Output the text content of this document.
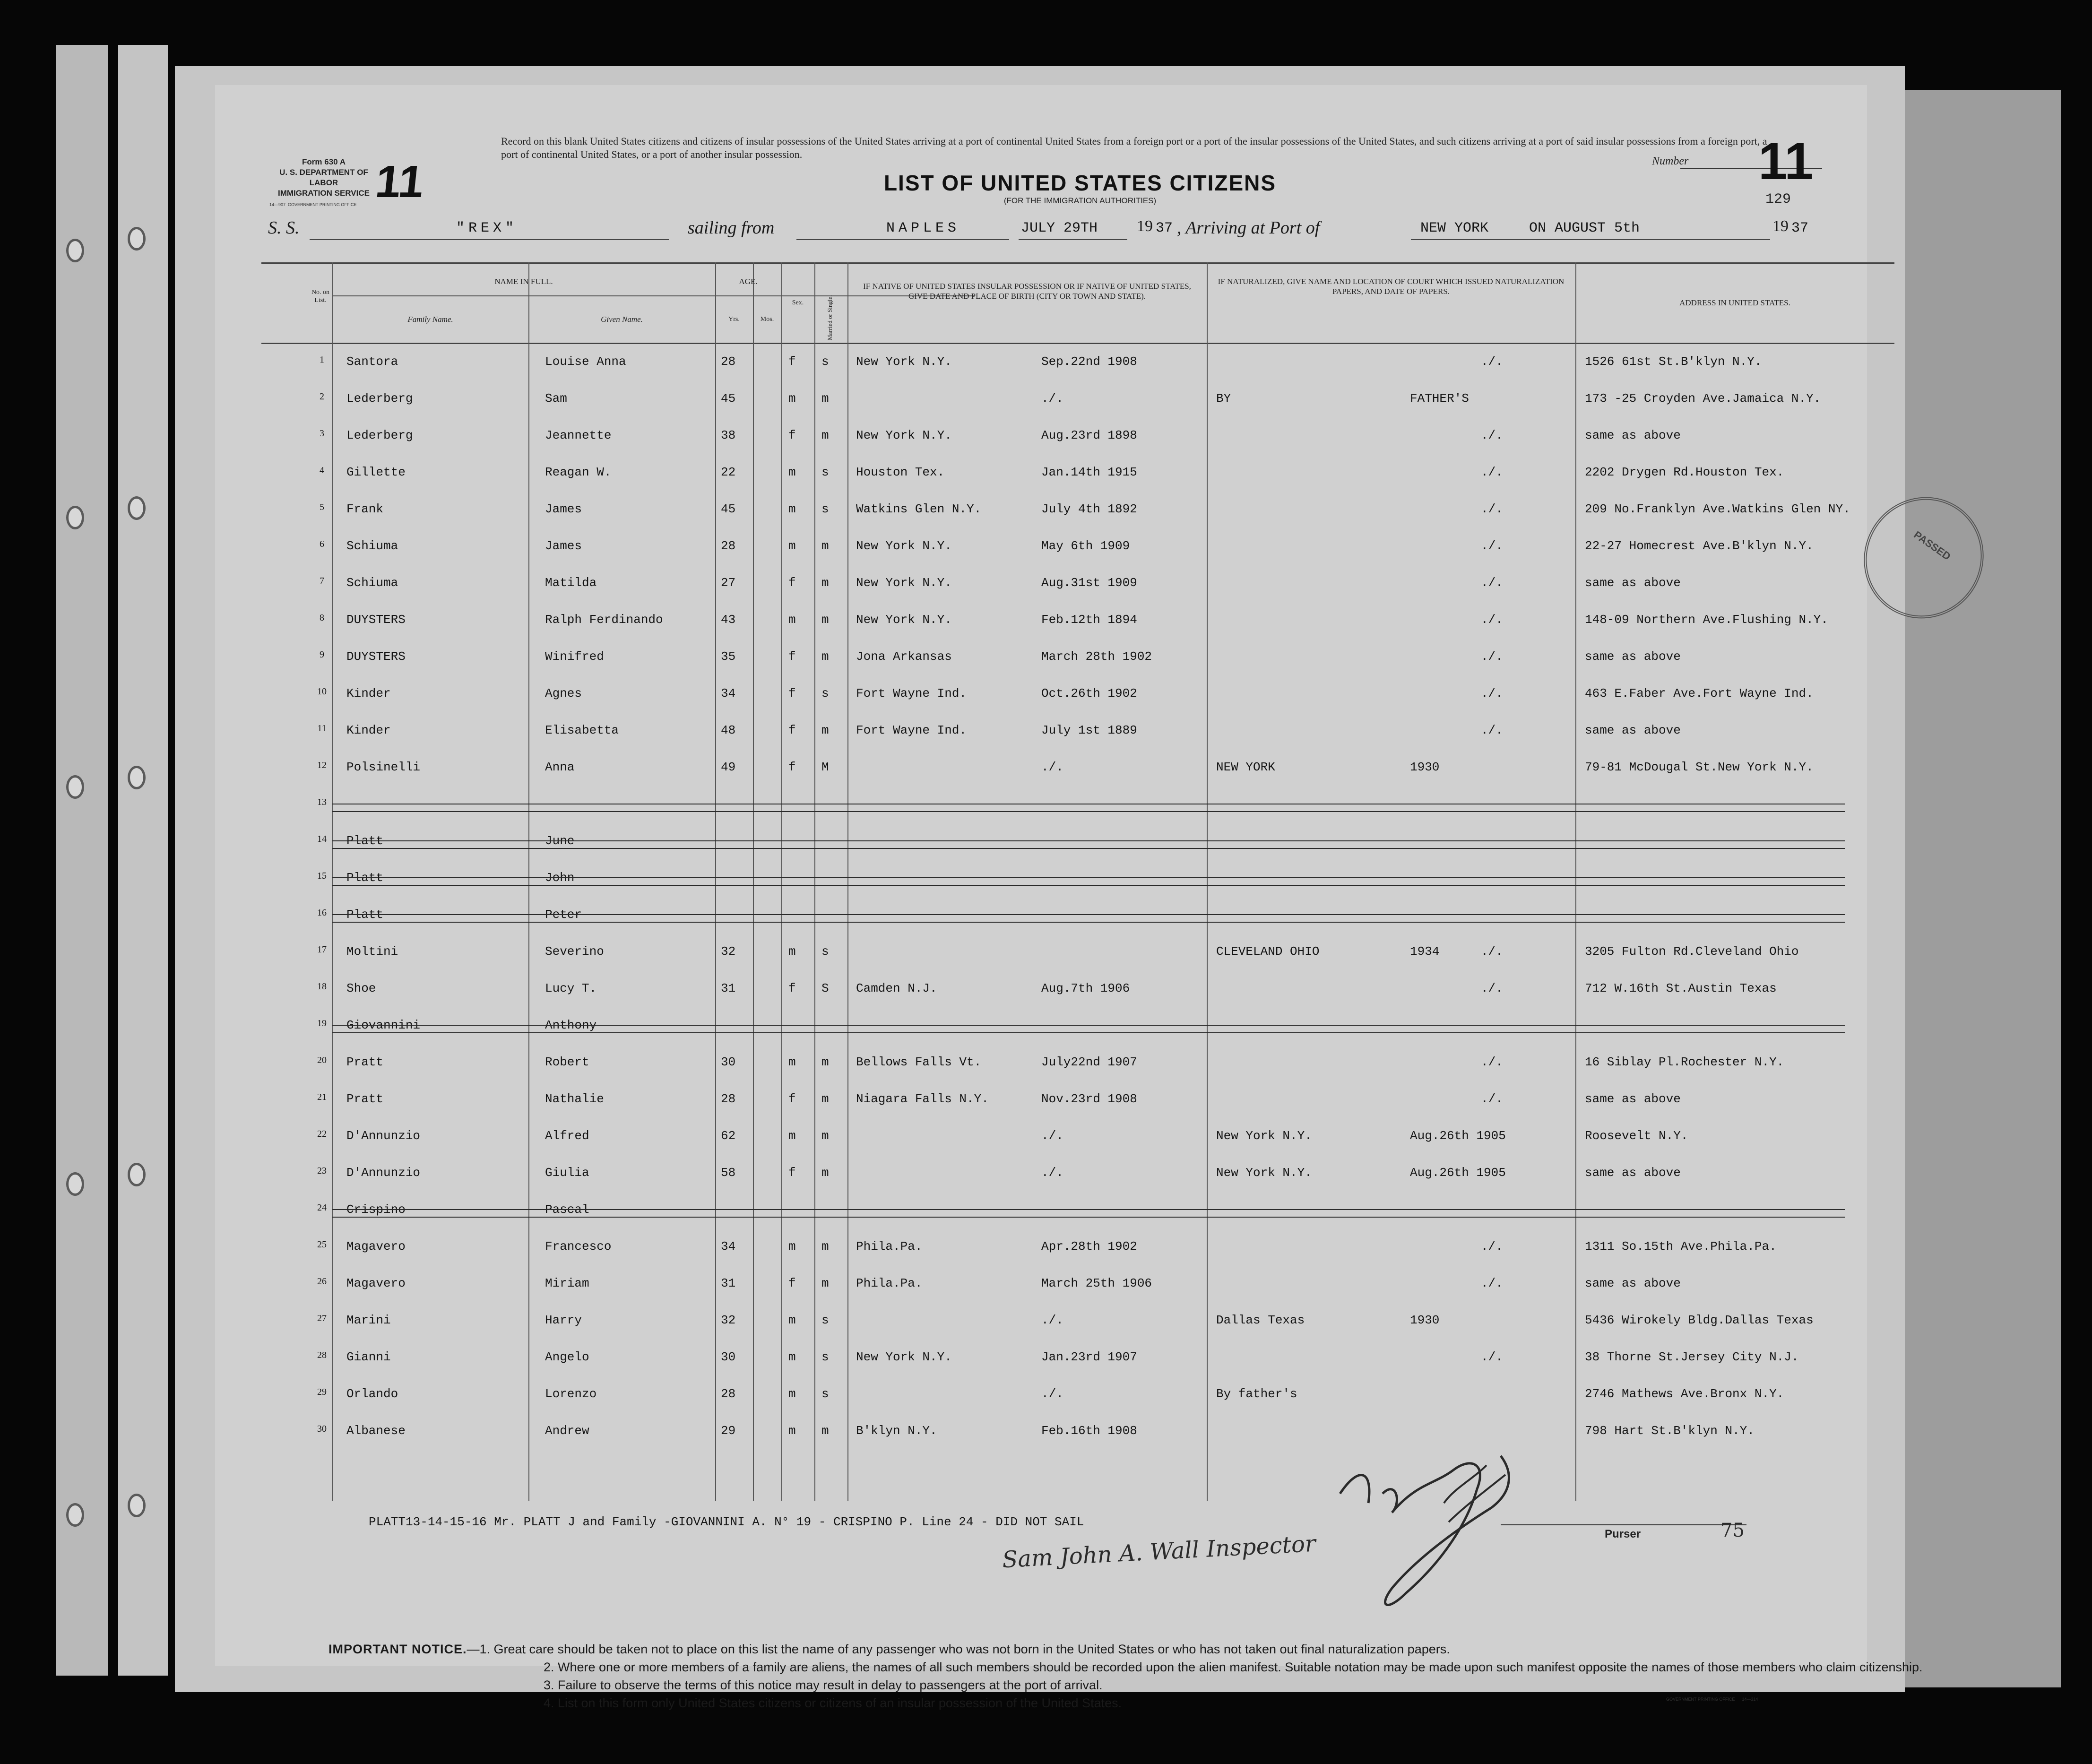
Form 630 A
U. S. DEPARTMENT OF LABOR
IMMIGRATION SERVICE
14—907 GOVERNMENT PRINTING OFFICE 11
Record on this blank United States citizens and citizens of insular possessions of the United States arriving at a port of continental United States from a foreign port or a port of the insular possessions of the United States, and such citizens arriving at a port of said insular possessions from a foreign port, a port of continental United States, or a port of another insular possession.
LIST OF UNITED STATES CITIZENS
(FOR THE IMMIGRATION AUTHORITIES)
Number 11
129
S. S.	"REX"	sailing from	NAPLES	JULY 29TH 19 37 , Arriving at Port of	NEW YORK	ON AUGUST 5th	19 37
No. on List.
NAME IN FULL.
Family Name.	Given Name.
AGE.
Yrs.	Mos.
Sex.	Married or Single.
IF NATIVE OF UNITED STATES INSULAR POSSESSION OR IF NATIVE OF UNITED STATES, GIVE DATE AND PLACE OF BIRTH (CITY OR TOWN AND STATE).
IF NATURALIZED, GIVE NAME AND LOCATION OF COURT WHICH ISSUED NATURALIZATION PAPERS, AND DATE OF PAPERS.
ADDRESS IN UNITED STATES.
1	Santora	Louise Anna	28	f s New York N.Y.	Sep.22nd 1908	./.	1526 61st St.B'klyn N.Y.
2	Lederberg	Sam	45	m m	./.	BY	FATHER'S	173 -25 Croyden Ave.Jamaica N.Y.
3	Lederberg	Jeannette	38	f m New York N.Y.	Aug.23rd 1898	./.	same as above
4	Gillette	Reagan W.	22	m s Houston Tex.	Jan.14th 1915	./.	2202 Drygen Rd.Houston Tex.
5	Frank	James	45	m s Watkins Glen N.Y.	July 4th 1892	./.	209 No.Franklyn Ave.Watkins Glen NY.
6	Schiuma	James	28	m m New York N.Y.	May 6th 1909	./.	22-27 Homecrest Ave.B'klyn N.Y.
7	Schiuma	Matilda	27	f m New York N.Y.	Aug.31st 1909	./.	same as above
8	DUYSTERS	Ralph Ferdinando	43	m m New York N.Y.	Feb.12th 1894	./.	148-09 Northern Ave.Flushing N.Y.
9	DUYSTERS	Winifred	35	f m Jona Arkansas	March 28th 1902	./.	same as above
10	Kinder	Agnes	34	f s Fort Wayne Ind.	Oct.26th 1902	./.	463 E.Faber Ave.Fort Wayne Ind.
11	Kinder	Elisabetta	48	f m Fort Wayne Ind.	July 1st 1889	./.	same as above
12	Polsinelli	Anna	49	f M	./.	NEW YORK	1930	79-81 McDougal St.New York N.Y.
13
14	Platt	June
15	Platt	John
16	Platt	Peter
17	Moltini	Severino	32	m s	CLEVELAND OHIO	1934	./.	3205 Fulton Rd.Cleveland Ohio
18	Shoe	Lucy T.	31	f S Camden N.J.	Aug.7th 1906	./.	712 W.16th St.Austin Texas
19	Giovannini	Anthony
20	Pratt	Robert	30	m m Bellows Falls Vt.	July22nd 1907	./.	16 Siblay Pl.Rochester N.Y.
21	Pratt	Nathalie	28	f m Niagara Falls N.Y.	Nov.23rd 1908	./.	same as above
22	D'Annunzio	Alfred	62	m m	./.	New York N.Y.	Aug.26th 1905	Roosevelt N.Y.
23	D'Annunzio	Giulia	58	f m	./.	New York N.Y.	Aug.26th 1905	same as above
24	Crispino	Pascal
25	Magavero	Francesco	34	m m Phila.Pa.	Apr.28th 1902	./.	1311 So.15th Ave.Phila.Pa.
26	Magavero	Miriam	31	f m Phila.Pa.	March 25th 1906	./.	same as above
27	Marini	Harry	32	m s	./.	Dallas Texas	1930	5436 Wirokely Bldg.Dallas Texas
28	Gianni	Angelo	30	m s New York N.Y.	Jan.23rd 1907	./.	38 Thorne St.Jersey City N.J.
29	Orlando	Lorenzo	28	m s	./.	By father's	2746 Mathews Ave.Bronx N.Y.
30	Albanese	Andrew	29	m m B'klyn N.Y.	Feb.16th 1908	798 Hart St.B'klyn N.Y.
PASSED
PLATT13-14-15-16 Mr. PLATT J and Family -GIOVANNINI A. N° 19 - CRISPINO P. Line 24 - DID NOT SAIL
Purser
Sam John A. Wall Inspector	75
IMPORTANT NOTICE.—1. Great care should be taken not to place on this list the name of any passenger who was not born in the United States or who has not taken out final naturalization papers.
2. Where one or more members of a family are aliens, the names of all such members should be recorded upon the alien manifest. Suitable notation may be made upon such manifest opposite the names of those members who claim citizenship.
3. Failure to observe the terms of this notice may result in delay to passengers at the port of arrival.
4. List on this form only United States citizens or citizens of an insular possession of the United States.	GOVERNMENT PRINTING OFFICE 14—314
